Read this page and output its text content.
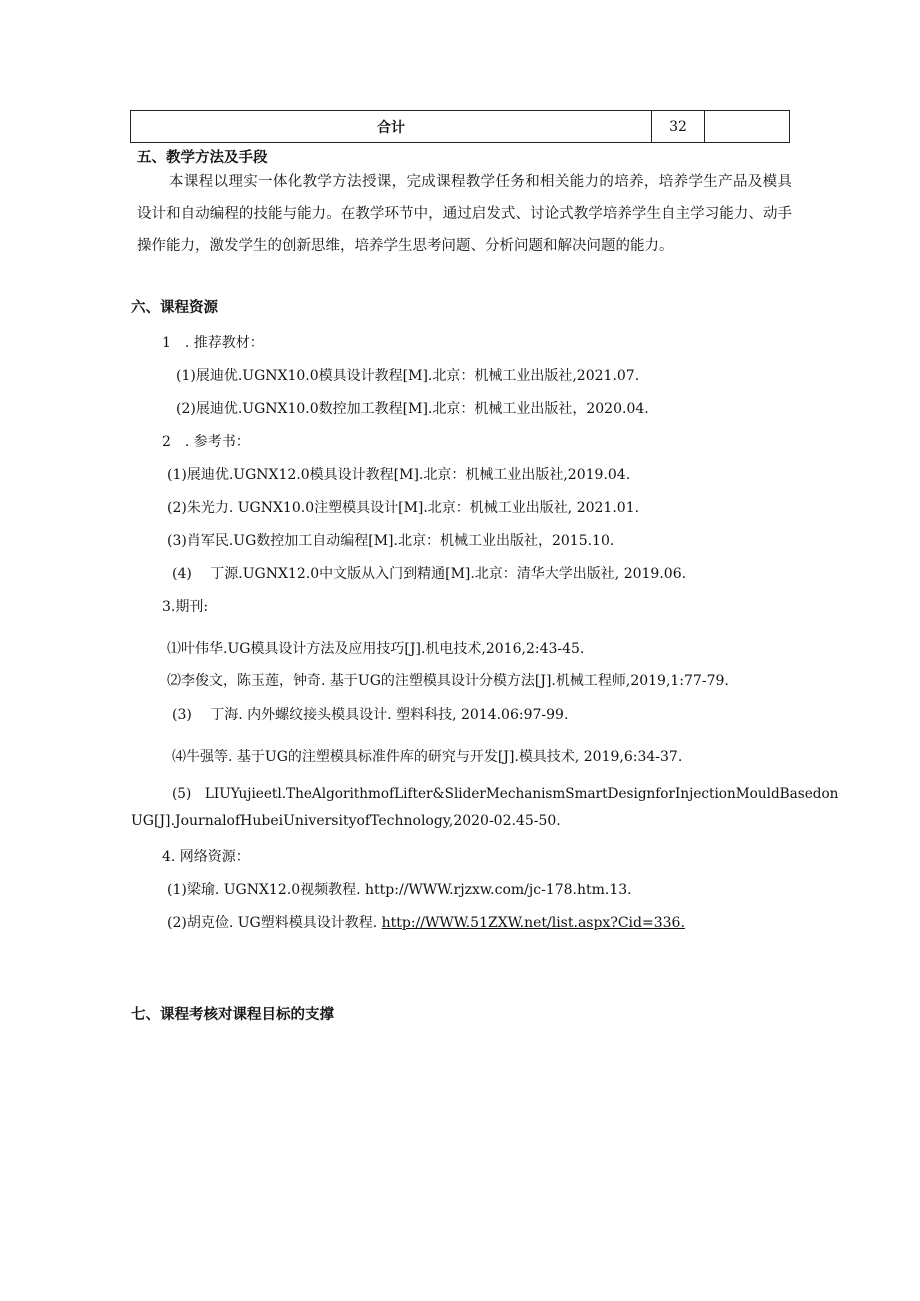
合计	32	
五、教学方法及手段
本课程以理实一体化教学方法授课，完成课程教学任务和相关能力的培养，培养学生产品及模具设计和自动编程的技能与能力。在教学环节中，通过启发式、讨论式教学培养学生自主学习能力、动手操作能力，激发学生的创新思维，培养学生思考问题、分析问题和解决问题的能力。
六、课程资源
1　. 推荐教材：
(1)展迪优.UGNX10.0模具设计教程[M].北京：机械工业出版社,2021.07.
(2)展迪优.UGNX10.0数控加工教程[M].北京：机械工业出版社，2020.04.
2　. 参考书：
(1)展迪优.UGNX12.0模具设计教程[M].北京：机械工业出版社,2019.04.
(2)朱光力. UGNX10.0注塑模具设计[M].北京：机械工业出版社, 2021.01.
(3)肖军民.UG数控加工自动编程[M].北京：机械工业出版社，2015.10.
(4)　 丁源.UGNX12.0中文版从入门到精通[M].北京：清华大学出版社, 2019.06.
3.期刊:
⑴叶伟华.UG模具设计方法及应用技巧[J].机电技术,2016,2:43-45.
⑵李俊文，陈玉莲，钟奇. 基于UG的注塑模具设计分模方法[J].机械工程师,2019,1:77-79.
(3)　 丁海. 内外螺纹接头模具设计. 塑料科技, 2014.06:97-99.
⑷牛强等. 基于UG的注塑模具标准件库的研究与开发[J].模具技术, 2019,6:34-37.
(5)　LIUYujieetl.TheAlgorithmofLifter&SliderMechanismSmartDesignforInjectionMouldBasedon
UG[J].JournalofHubeiUniversityofTechnology,2020-02.45-50.
4. 网络资源：
(1)梁瑜. UGNX12.0视频教程. http://WWW.rjzxw.com/jc-178.htm.13.
(2)胡克俭. UG塑料模具设计教程. http://WWW.51ZXW.net/list.aspx?Cid=336.
七、课程考核对课程目标的支撑
